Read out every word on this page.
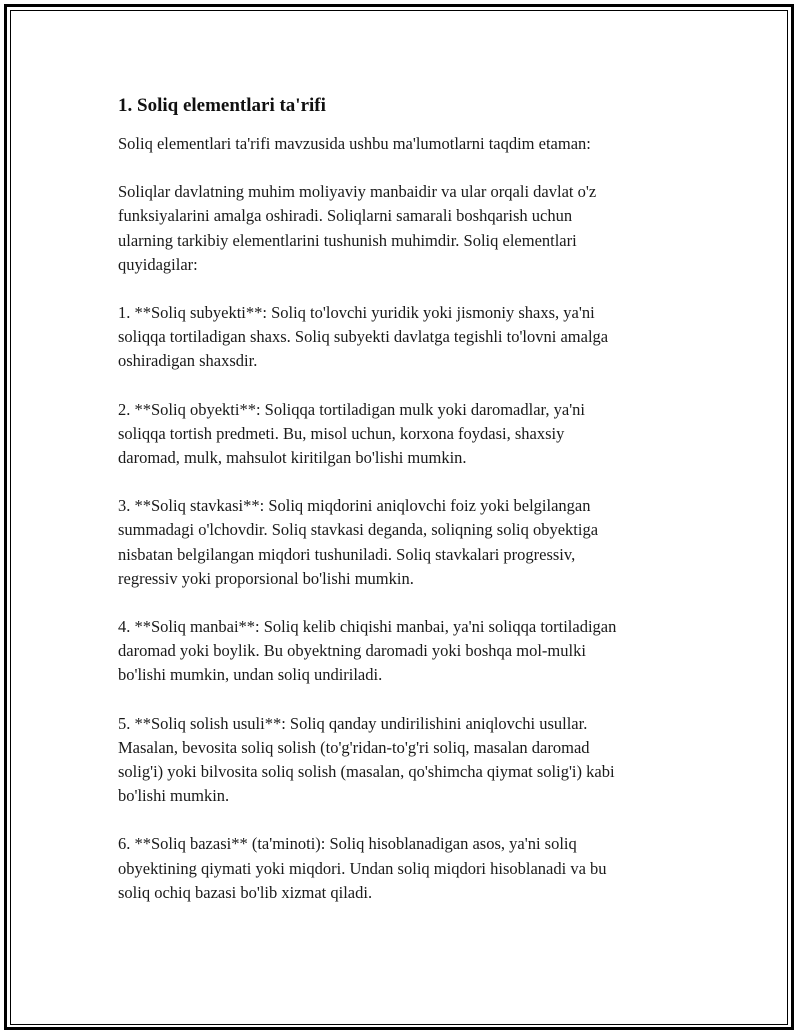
1. Soliq elementlari ta'rifi

Soliq elementlari ta'rifi mavzusida ushbu ma'lumotlarni taqdim etaman:

Soliqlar davlatning muhim moliyaviy manbaidir va ular orqali davlat o'z
funksiyalarini amalga oshiradi. Soliqlarni samarali boshqarish uchun
ularning tarkibiy elementlarini tushunish muhimdir. Soliq elementlari
quyidagilar:

1. **Soliq subyekti**: Soliq to'lovchi yuridik yoki jismoniy shaxs, ya'ni
soliqqa tortiladigan shaxs. Soliq subyekti davlatga tegishli to'lovni amalga
oshiradigan shaxsdir.

2. **Soliq obyekti**: Soliqqa tortiladigan mulk yoki daromadlar, ya'ni
soliqqa tortish predmeti. Bu, misol uchun, korxona foydasi, shaxsiy
daromad, mulk, mahsulot kiritilgan bo'lishi mumkin.

3. **Soliq stavkasi**: Soliq miqdorini aniqlovchi foiz yoki belgilangan
summadagi o'lchovdir. Soliq stavkasi deganda, soliqning soliq obyektiga
nisbatan belgilangan miqdori tushuniladi. Soliq stavkalari progressiv,
regressiv yoki proporsional bo'lishi mumkin.

4. **Soliq manbai**: Soliq kelib chiqishi manbai, ya'ni soliqqa tortiladigan
daromad yoki boylik. Bu obyektning daromadi yoki boshqa mol-mulki
bo'lishi mumkin, undan soliq undiriladi.

5. **Soliq solish usuli**: Soliq qanday undirilishini aniqlovchi usullar.
Masalan, bevosita soliq solish (to'g'ridan-to'g'ri soliq, masalan daromad
solig'i) yoki bilvosita soliq solish (masalan, qo'shimcha qiymat solig'i) kabi
bo'lishi mumkin.

6. **Soliq bazasi** (ta'minoti): Soliq hisoblanadigan asos, ya'ni soliq
obyektining qiymati yoki miqdori. Undan soliq miqdori hisoblanadi va bu
soliq ochiq bazasi bo'lib xizmat qiladi.
